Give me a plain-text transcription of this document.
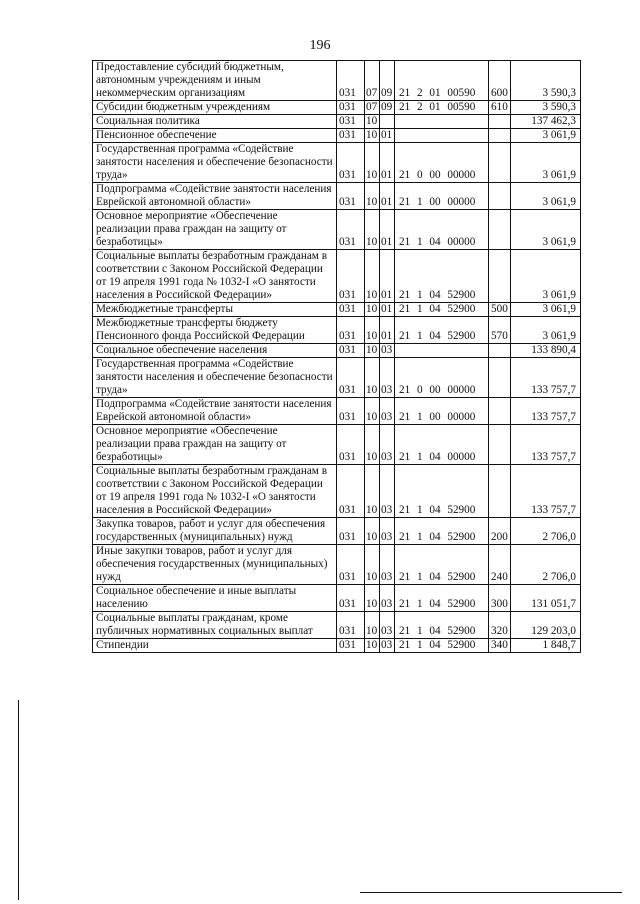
196
Предоставление субсидий бюджетным, автономным учреждениям и иным некоммерческим организациям	031	07	09	21 2 01 00590	600	3 590,3
Субсидии бюджетным учреждениям	031	07	09	21 2 01 00590	610	3 590,3
Социальная политика	031	10				137 462,3
Пенсионное обеспечение	031	10	01			3 061,9
Государственная программа «Содействие занятости населения и обеспечение безопасности труда»	031	10	01	21 0 00 00000		3 061,9
Подпрограмма «Содействие занятости населения Еврейской автономной области»	031	10	01	21 1 00 00000		3 061,9
Основное мероприятие «Обеспечение реализации права граждан на защиту от безработицы»	031	10	01	21 1 04 00000		3 061,9
Социальные выплаты безработным гражданам в соответствии с Законом Российской Федерации от 19 апреля 1991 года № 1032-I «О занятости населения в Российской Федерации»	031	10	01	21 1 04 52900		3 061,9
Межбюджетные трансферты	031	10	01	21 1 04 52900	500	3 061,9
Межбюджетные трансферты бюджету Пенсионного фонда Российской Федерации	031	10	01	21 1 04 52900	570	3 061,9
Социальное обеспечение населения	031	10	03			133 890,4
Государственная программа «Содействие занятости населения и обеспечение безопасности труда»	031	10	03	21 0 00 00000		133 757,7
Подпрограмма «Содействие занятости населения Еврейской автономной области»	031	10	03	21 1 00 00000		133 757,7
Основное мероприятие «Обеспечение реализации права граждан на защиту от безработицы»	031	10	03	21 1 04 00000		133 757,7
Социальные выплаты безработным гражданам в соответствии с Законом Российской Федерации от 19 апреля 1991 года № 1032-I «О занятости населения в Российской Федерации»	031	10	03	21 1 04 52900		133 757,7
Закупка товаров, работ и услуг для обеспечения государственных (муниципальных) нужд	031	10	03	21 1 04 52900	200	2 706,0
Иные закупки товаров, работ и услуг для обеспечения государственных (муниципальных) нужд	031	10	03	21 1 04 52900	240	2 706,0
Социальное обеспечение и иные выплаты населению	031	10	03	21 1 04 52900	300	131 051,7
Социальные выплаты гражданам, кроме публичных нормативных социальных выплат	031	10	03	21 1 04 52900	320	129 203,0
Стипендии	031	10	03	21 1 04 52900	340	1 848,7
